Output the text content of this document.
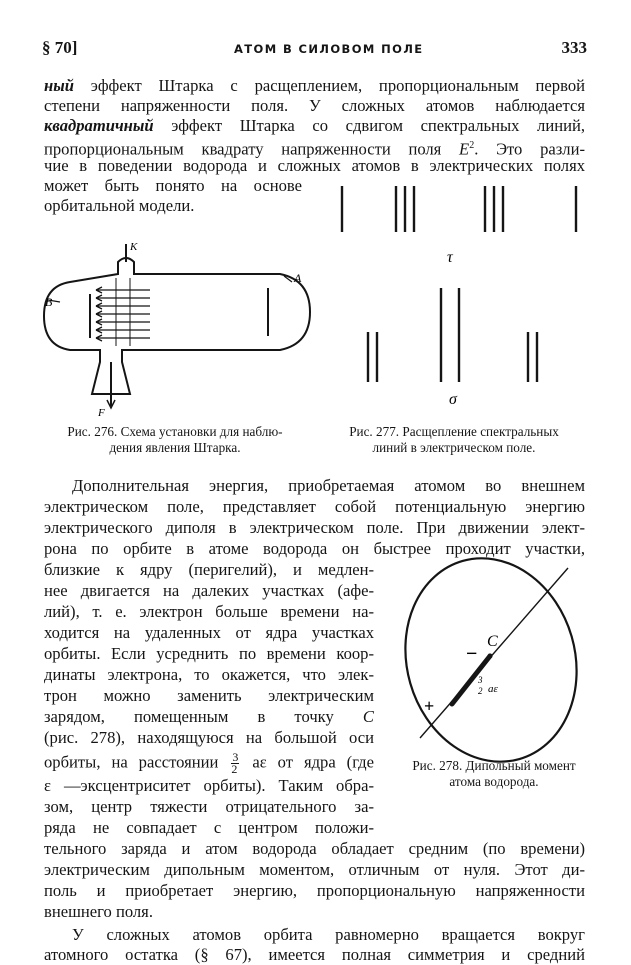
§ 70]	АТОМ В СИЛОВОМ ПОЛЕ	333
ный эффект Штарка с расщеплением, пропорциональным первой
степени напряженности поля. У сложных атомов наблюдается
квадратичный эффект Штарка со сдвигом спектральных линий,
пропорциональным квадрату напряженности поля $E^2$. Это разли-
чие в поведении водорода и сложных атомов в электрических полях
может быть понято на основе
орбитальной модели.
К
А
В
F
τ
σ
Рис. 276. Схема установки для наблю-
дения явления Штарка.
Рис. 277. Расщепление спектральных
линий в электрическом поле.
Дополнительная энергия, приобретаемая атомом во внешнем
электрическом поле, представляет собой потенциальную энергию
электрического диполя в электрическом поле. При движении элект-
рона по орбите в атоме водорода он быстрее проходит участки,
близкие к ядру (перигелий), и медлен-
нее двигается на далеких участках (афе-
лий), т. е. электрон больше времени на-
ходится на удаленных от ядра участках
орбиты. Если усреднить по времени коор-
динаты электрона, то окажется, что элек-
трон можно заменить электрическим
зарядом, помещенным в точку С
(рис. 278), находящуюся на большой оси
орбиты, на расстоянии $\frac{3}{2}$ aε от ядра (где
ε —эксцентриситет орбиты). Таким обра-
зом, центр тяжести отрицательного за-
ряда не совпадает с центром положи-
тельного заряда и атом водорода обладает средним (по времени)
электрическим дипольным моментом, отличным от нуля. Этот ди-
поль и приобретает энергию, пропорциональную напряженности
внешнего поля.
С
−
+
3
2 aε
Рис. 278. Дипольный момент
атома водорода.
У сложных атомов орбита равномерно вращается вокруг
атомного остатка (§ 67), имеется полная симметрия и средний
